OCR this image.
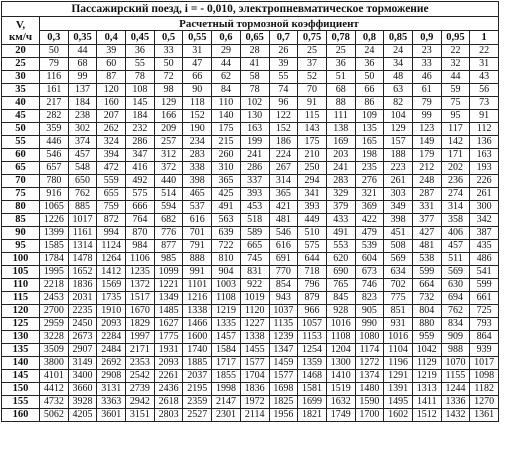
Пассажирский поезд, i = - 0,010, электропневматическое торможение																
V,
км/ч	Расчетный тормозной коэффициент															
	0,3	0,35	0,4	0,45	0,5	0,55	0,6	0,65	0,7	0,75	0,78	0,8	0,85	0,9	0,95	1
20	50	44	39	36	33	31	29	28	26	25	25	24	24	23	22	22
25	79	68	60	55	50	47	44	41	39	37	36	36	34	33	32	31
30	116	99	87	78	72	66	62	58	55	52	51	50	48	46	44	43
35	161	137	120	108	98	90	84	78	74	70	68	66	63	61	59	56
40	217	184	160	145	129	118	110	102	96	91	88	86	82	79	75	73
45	282	238	207	184	166	152	140	130	122	115	111	109	104	99	95	91
50	359	302	262	232	209	190	175	163	152	143	138	135	129	123	117	112
55	446	374	324	286	257	234	215	199	186	175	169	165	157	149	142	136
60	546	457	394	347	312	283	260	241	224	210	203	198	188	179	171	163
65	657	548	472	416	372	338	310	286	267	250	241	235	223	212	202	193
70	780	650	559	492	440	398	365	337	314	294	283	276	261	248	236	226
75	916	762	655	575	514	465	425	393	365	341	329	321	303	287	274	261
80	1065	885	759	666	594	537	491	453	421	393	379	369	349	331	314	300
85	1226	1017	872	764	682	616	563	518	481	449	433	422	398	377	358	342
90	1399	1161	994	870	776	701	639	589	546	510	491	479	451	427	406	387
95	1585	1314	1124	984	877	791	722	665	616	575	553	539	508	481	457	435
100	1784	1478	1264	1106	985	888	810	745	691	644	620	604	569	538	511	486
105	1995	1652	1412	1235	1099	991	904	831	770	718	690	673	634	599	569	541
110	2218	1836	1569	1372	1221	1101	1003	922	854	796	765	746	702	664	630	599
115	2453	2031	1735	1517	1349	1216	1108	1019	943	879	845	823	775	732	694	661
120	2700	2235	1910	1670	1485	1338	1219	1120	1037	966	928	905	851	804	762	725
125	2959	2450	2093	1829	1627	1466	1335	1227	1135	1057	1016	990	931	880	834	793
130	3228	2673	2284	1997	1775	1600	1457	1338	1239	1153	1108	1080	1016	959	909	864
135	3509	2907	2484	2171	1931	1740	1584	1455	1347	1254	1204	1174	1104	1042	988	939
140	3800	3149	2692	2353	2093	1885	1717	1577	1459	1359	1300	1272	1196	1129	1070	1017
145	4101	3400	2908	2542	2261	2037	1855	1704	1577	1468	1410	1374	1291	1219	1155	1098
150	4412	3660	3131	2739	2436	2195	1998	1836	1698	1581	1519	1480	1391	1313	1244	1182
155	4732	3928	3363	2942	2618	2359	2147	1972	1825	1699	1632	1590	1495	1411	1336	1270
160	5062	4205	3601	3151	2803	2527	2301	2114	1956	1821	1749	1700	1602	1512	1432	1361
